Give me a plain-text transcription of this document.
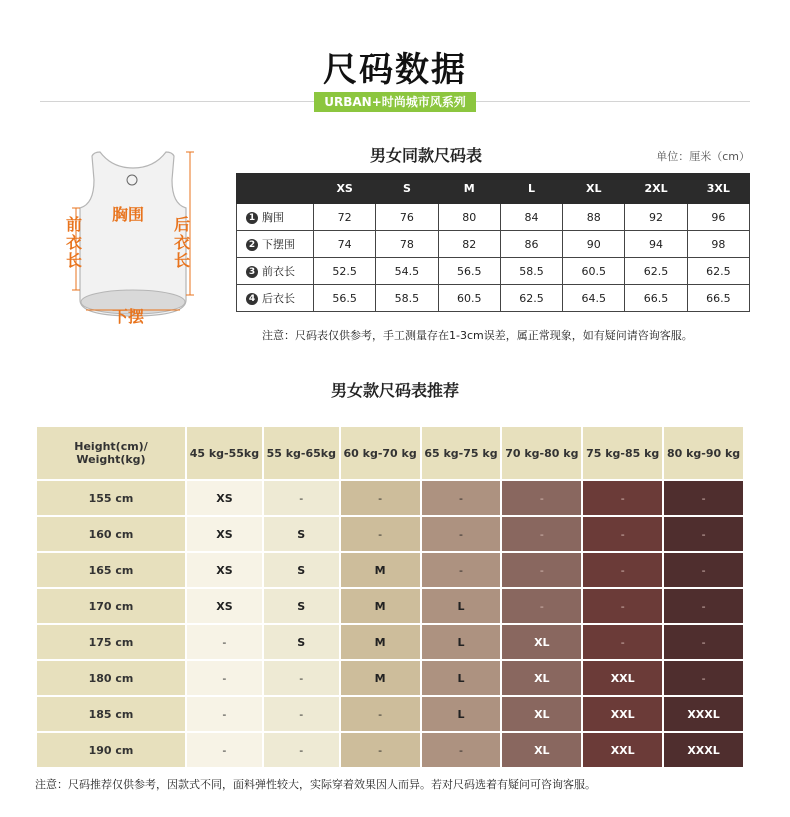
尺码数据
URBAN+时尚城市风系列
胸围
前衣长
后衣长
下摆
男女同款尺码表	单位：厘米（cm）
	XS	S	M	L	XL	2XL	3XL
1 胸围	72	76	80	84	88	92	96
2 下摆围	74	78	82	86	90	94	98
3 前衣长	52.5	54.5	56.5	58.5	60.5	62.5	62.5
4 后衣长	56.5	58.5	60.5	62.5	64.5	66.5	66.5
注意：尺码表仅供参考，手工测量存在1-3cm误差，属正常现象，如有疑问请咨询客服。
男女款尺码表推荐
Height(cm)/ Weight(kg)	45 kg-55kg	55 kg-65kg	60 kg-70 kg	65 kg-75 kg	70 kg-80 kg	75 kg-85 kg	80 kg-90 kg
155 cm	XS	-	-	-	-	-	-
160 cm	XS	S	-	-	-	-	-
165 cm	XS	S	M	-	-	-	-
170 cm	XS	S	M	L	-	-	-
175 cm	-	S	M	L	XL	-	-
180 cm	-	-	M	L	XL	XXL	-
185 cm	-	-	-	L	XL	XXL	XXXL
190 cm	-	-	-	-	XL	XXL	XXXL
注意：尺码推荐仅供参考，因款式不同，面料弹性较大，实际穿着效果因人而异。若对尺码选着有疑问可咨询客服。
